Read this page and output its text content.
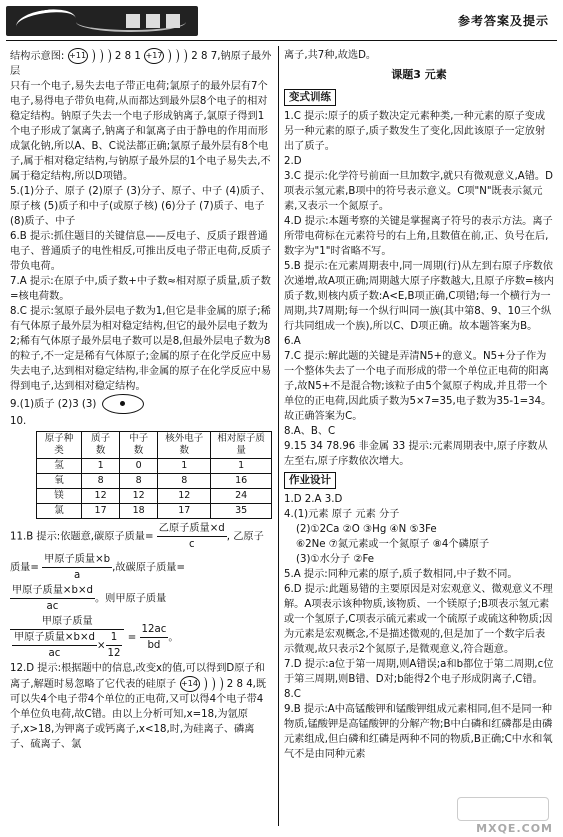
参考答案及提示

结构示意图: +11	2 8 1 +17	2 8 7,钠原子最外层

只有一个电子,易失去电子带正电荷;氯原子的最外层有7个电子,易得电子带负电荷,从而都达到最外层8个电子的相对稳定结构。钠原子失去一个电子形成钠离子,氯原子得到1个电子形成了氯离子,钠离子和氯离子由于静电的作用而形成氯化钠,所以A、B、C说法都正确;氯原子最外层有8个电子,属于相对稳定结构,与钠原子最外层的1个电子易失去,不属于稳定结构,所以D项错。

5.(1)分子、原子 (2)原子 (3)分子、原子、中子 (4)质子、原子核 (5)质子和中子(或原子核) (6)分子 (7)质子、电子 (8)质子、中子

6.B 提示:抓住题目的关键信息——反电子、反质子跟普通电子、普通质子的电性相反,可推出反电子带正电荷,反质子带负电荷。

7.A 提示:在原子中,质子数+中子数≈相对原子质量,质子数=核电荷数。

8.C 提示:氢原子最外层电子数为1,但它是非金属的原子;稀有气体原子最外层为相对稳定结构,但它的最外层电子数为2;稀有气体原子最外层电子数可以是8,但最外层电子数为8的粒子,不一定是稀有气体原子;金属的原子在化学反应中易失去电子,达到相对稳定结构,非金属的原子在化学反应中易得到电子,达到相对稳定结构。

9.(1)质子 (2)3 (3)

10.

原子种类	质子数	中子数	核外电子数	相对原子质量
氢	1	0	1	1
氧	8	8	8	16
镁	12	12	12	24
氯	17	18	17	35

11.B 提示:依题意,碳原子质量= $\frac{\text{乙原子质量×d}}{c}$ , 乙原子质量= $\frac{\text{甲原子质量×b}}{a}$ ,故碳原子质量=
$\frac{\text{甲原子质量×b×d}}{ac}$ 。则甲原子质量
$\frac{\text{甲原子质量}}{\frac{\text{甲原子质量×b×d}}{ac} \times \frac{1}{12}} = \frac{12ac}{bd}$ 。

12.D 提示:根据题中的信息,改变x的值,可以得到D原子和离子,解题时易忽略了它代表的硅原子 +14	2 8 4,既可以失4个电子带4个单位的正电荷,又可以得4个电子带4个单位负电荷,故C错。由以上分析可知,x=18,为氩原子,x>18,为钾离子或钙离子,x<18,时,为硅离子、磷离子、硫离子、氯

离子,共7种,故选D。

课题3 元素

变式训练

1.C 提示:原子的质子数决定元素种类,一种元素的原子变成另一种元素的原子,质子数发生了变化,因此该原子一定放射出了质子。

2.D

3.C 提示:化学符号前面一旦加数字,就只有微观意义,A错。D项表示氢元素,B项中的符号表示意义。C项"N"既表示氮元素,又表示一个氮原子。

4.D 提示:本题考察的关键是掌握离子符号的表示方法。离子所带电荷标在元素符号的右上角,且数值在前,正、负号在后,数字为"1"时省略不写。

5.B 提示:在元素周期表中,同一周期(行)从左到右原子序数依次递增,故A项正确;周期越大原子序数越大,且原子序数=核内质子数,则核内质子数:A<E,B项正确,C项错;每一个横行为一周期,共7周期;每一个纵行叫同一族(其中第8、9、10三个纵行共同组成一个族),所以C、D项正确。故本题答案为B。

6.A

7.C 提示:解此题的关键是弄清N5+的意义。N5+分子作为一个整体失去了一个电子而形成的带一个单位正电荷的阳离子,故N5+不是混合物;该粒子由5个氮原子构成,并且带一个单位的正电荷,因此质子数为5×7=35,电子数为35-1=34。故正确答案为C。

8.A、B、C

9.15 34 78.96 非金属 33 提示:元素周期表中,原子序数从左至右,原子序数依次增大。

作业设计

1.D 2.A 3.D

4.(1)元素 原子 元素 分子

(2)①2Ca ②O ③Hg ④N ⑤3Fe

⑥2Ne ⑦氮元素或一个氮原子 ⑧4个磷原子

(3)①水分子 ②Fe

5.A 提示:同种元素的原子,质子数相同,中子数不同。

6.D 提示:此题易错的主要原因是对宏观意义、微观意义不理解。A项表示该种物质,该物质、一个镁原子;B项表示氢元素或一个氢原子,C项表示硫元素或一个硫原子或硫这种物质;因为元素是宏观概念,不是描述微观的,但是加了一个数字后表示微观,故只表示2个氮原子,是微观意义,符合题意。

7.D 提示:a位于第一周期,则A错误;a和b都位于第二周期,c位于第三周期,则B错、D对;b能得2个电子形成阴离子,C错。

8.C

9.B 提示:A中高锰酸钾和锰酸钾组成元素相同,但不是同一种物质,锰酸钾是高锰酸钾的分解产物;B中白磷和红磷都是由磷元素组成,但白磷和红磷是两种不同的物质,B正确;C中水和氧气不是由同种元素

MXQE.COM
